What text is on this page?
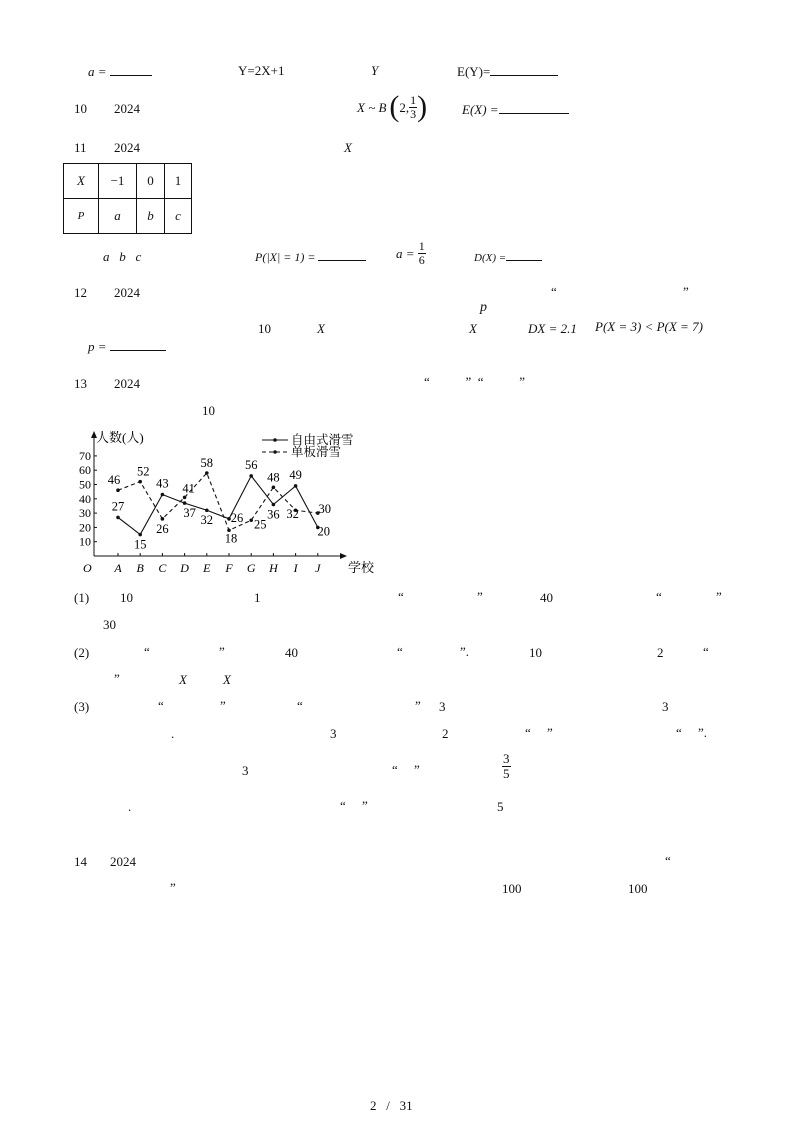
a =	Y=2X+1	Y	E(Y)=
10 2024	X ~ B ( 2, $\frac{1}{3}$ )	E(X) =
11 2024	X
X	−1	0	1
P	a	b	c
a   b   c	P(|X| = 1) =	a =
$\frac{1}{6}$	D(X) =
12 2024	“	”
p
10	X	X	DX = 2.1 P(X = 3) < P(X = 7)
p =
13 2024	“           ”  “           ”
10
10
20
30
40
50
60
70
O A B C D E F G H I J 学校
人数(人)
27
15
43
37
32 26
56
36
49
20
46
52
26
41
58
18
25
48
32 30
自由式滑雪
单板滑雪
(1) 10	1	“	”	40	“	”
30
(2)	“	”	40	“	”.	10	2	“
”	X	X
(3)	“	”	“	” 3	3
.	3	2	“     ”	“     ”.
3	“     ”	$\frac{3}{5}$
.	“     ”	5
14 2024	“
”	100	100
2   /   31
